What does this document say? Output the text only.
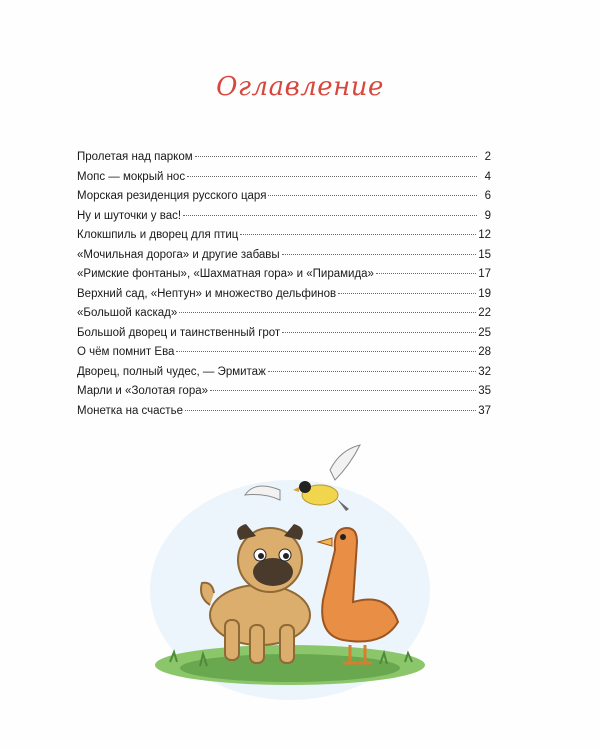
Оглавление
Пролетая над парком	2
Мопс — мокрый нос	4
Морская резиденция русского царя	6
Ну и шуточки у вас!	9
Клокшпиль и дворец для птиц	12
«Мочильная дорога» и другие забавы	15
«Римские фонтаны», «Шахматная гора» и «Пирамида»	17
Верхний сад, «Нептун» и множество дельфинов	19
«Большой каскад»	22
Большой дворец и таинственный грот	25
О чём помнит Ева	28
Дворец, полный чудес, — Эрмитаж	32
Марли и «Золотая гора»	35
Монетка на счастье	37
